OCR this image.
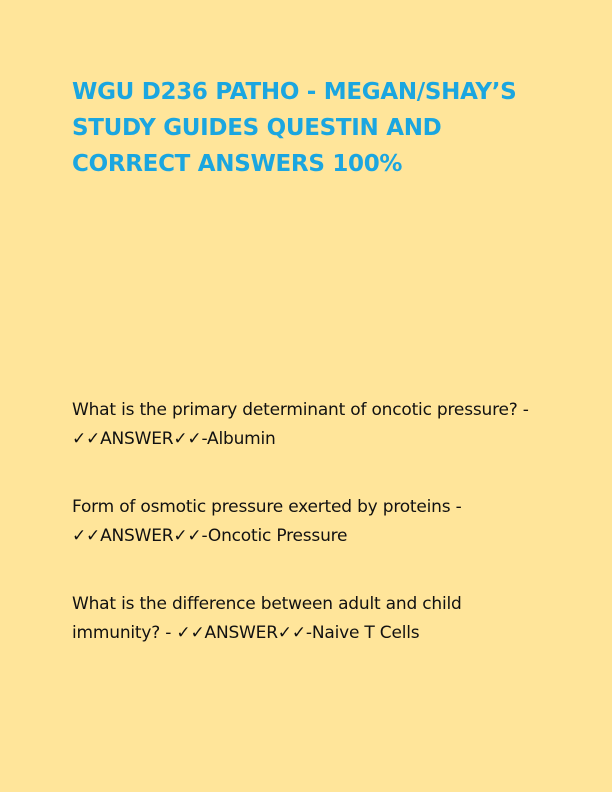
WGU D236 PATHO - MEGAN/SHAY’S STUDY GUIDES QUESTIN AND CORRECT ANSWERS 100%

What is the primary determinant of oncotic pressure? -
✓✓ANSWER✓✓-Albumin

Form of osmotic pressure exerted by proteins -
✓✓ANSWER✓✓-Oncotic Pressure

What is the difference between adult and child immunity? - ✓✓ANSWER✓✓-Naive T Cells
